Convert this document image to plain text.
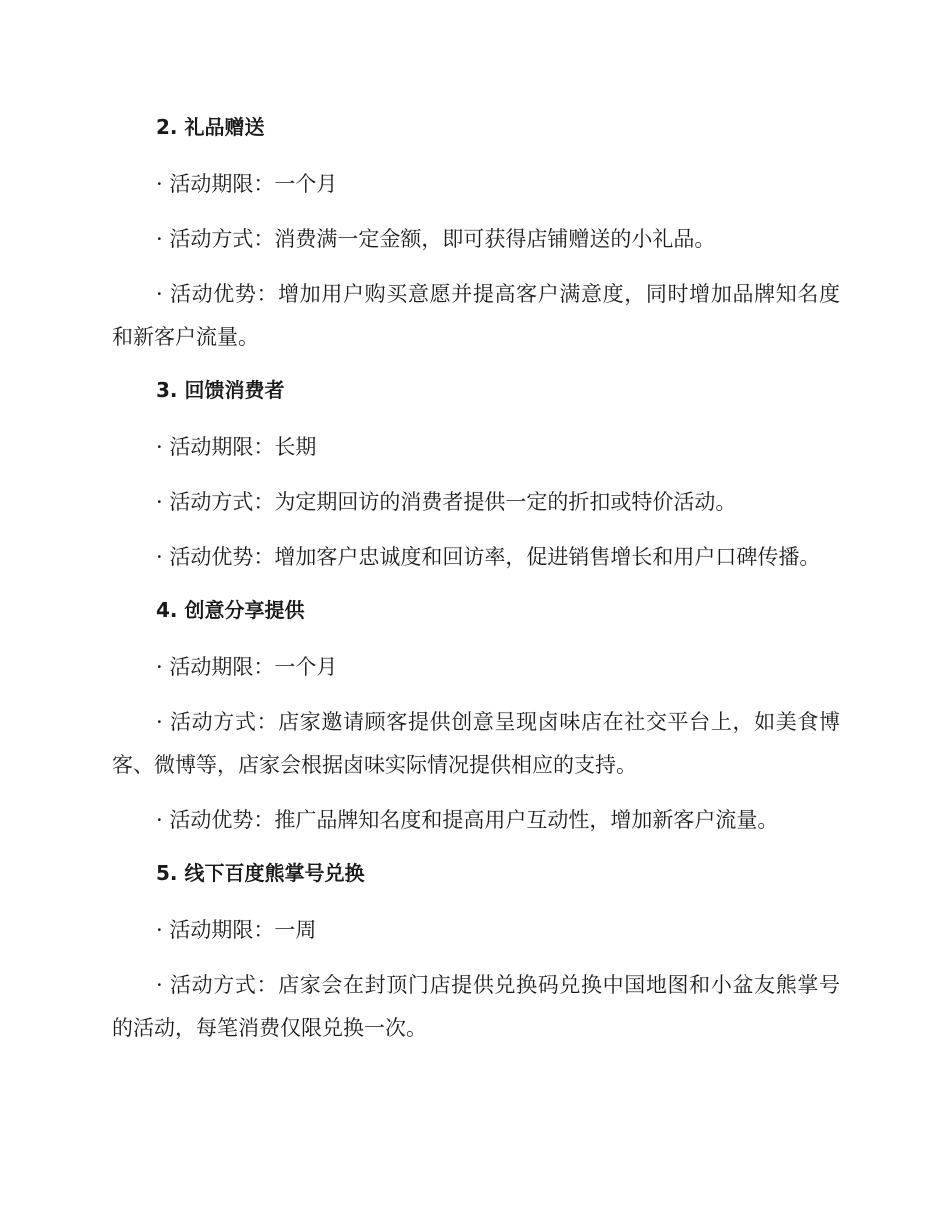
2. 礼品赠送

· 活动期限：一个月

· 活动方式：消费满一定金额，即可获得店铺赠送的小礼品。

· 活动优势：增加用户购买意愿并提高客户满意度，同时增加品牌知名度和新客户流量。

3. 回馈消费者

· 活动期限：长期

· 活动方式：为定期回访的消费者提供一定的折扣或特价活动。

· 活动优势：增加客户忠诚度和回访率，促进销售增长和用户口碑传播。

4. 创意分享提供

· 活动期限：一个月

· 活动方式：店家邀请顾客提供创意呈现卤味店在社交平台上，如美食博客、微博等，店家会根据卤味实际情况提供相应的支持。

· 活动优势：推广品牌知名度和提高用户互动性，增加新客户流量。

5. 线下百度熊掌号兑换

· 活动期限：一周

· 活动方式：店家会在封顶门店提供兑换码兑换中国地图和小盆友熊掌号的活动，每笔消费仅限兑换一次。
